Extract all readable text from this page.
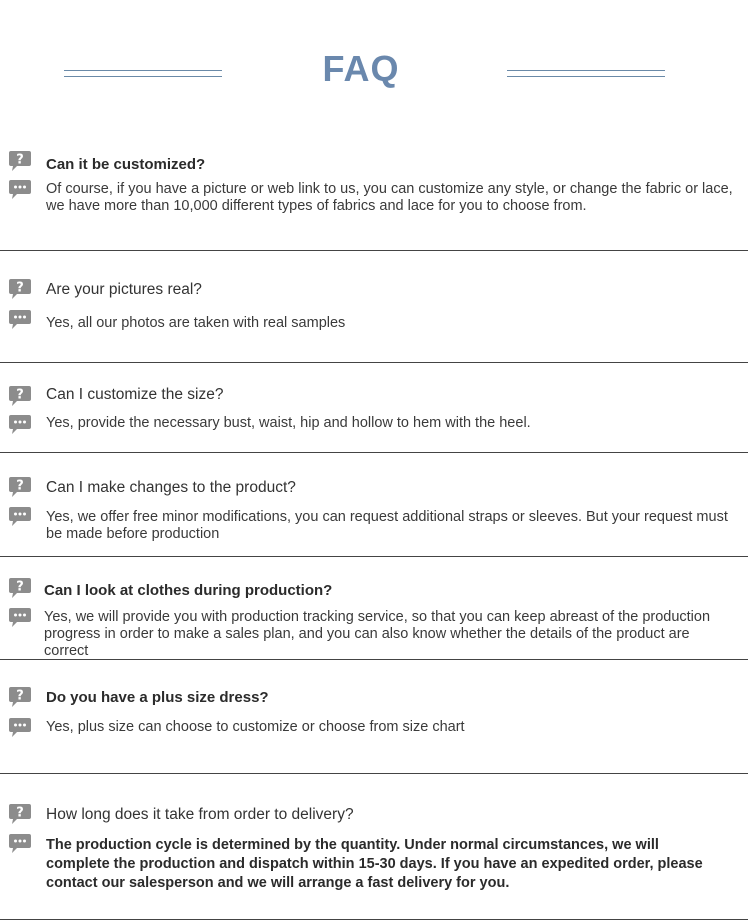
FAQ
Can it be customized?
Of course, if you have a picture or web link to us, you can customize any style, or change the fabric or lace, we have more than 10,000 different types of fabrics and lace for you to choose from.
Are your pictures real?
Yes, all our photos are taken with real samples
Can I customize the size?
Yes, provide the necessary bust, waist, hip and hollow to hem with the heel.
Can I make changes to the product?
Yes, we offer free minor modifications, you can request additional straps or sleeves. But your request must be made before production
Can I look at clothes during production?
Yes, we will provide you with production tracking service, so that you can keep abreast of the production progress in order to make a sales plan, and you can also know whether the details of the product are correct
Do you have a plus size dress?
Yes, plus size can choose to customize or choose from size chart
How long does it take from order to delivery?
The production cycle is determined by the quantity. Under normal circumstances, we will complete the production and dispatch within 15-30 days. If you have an expedited order, please contact our salesperson and we will arrange a fast delivery for you.
